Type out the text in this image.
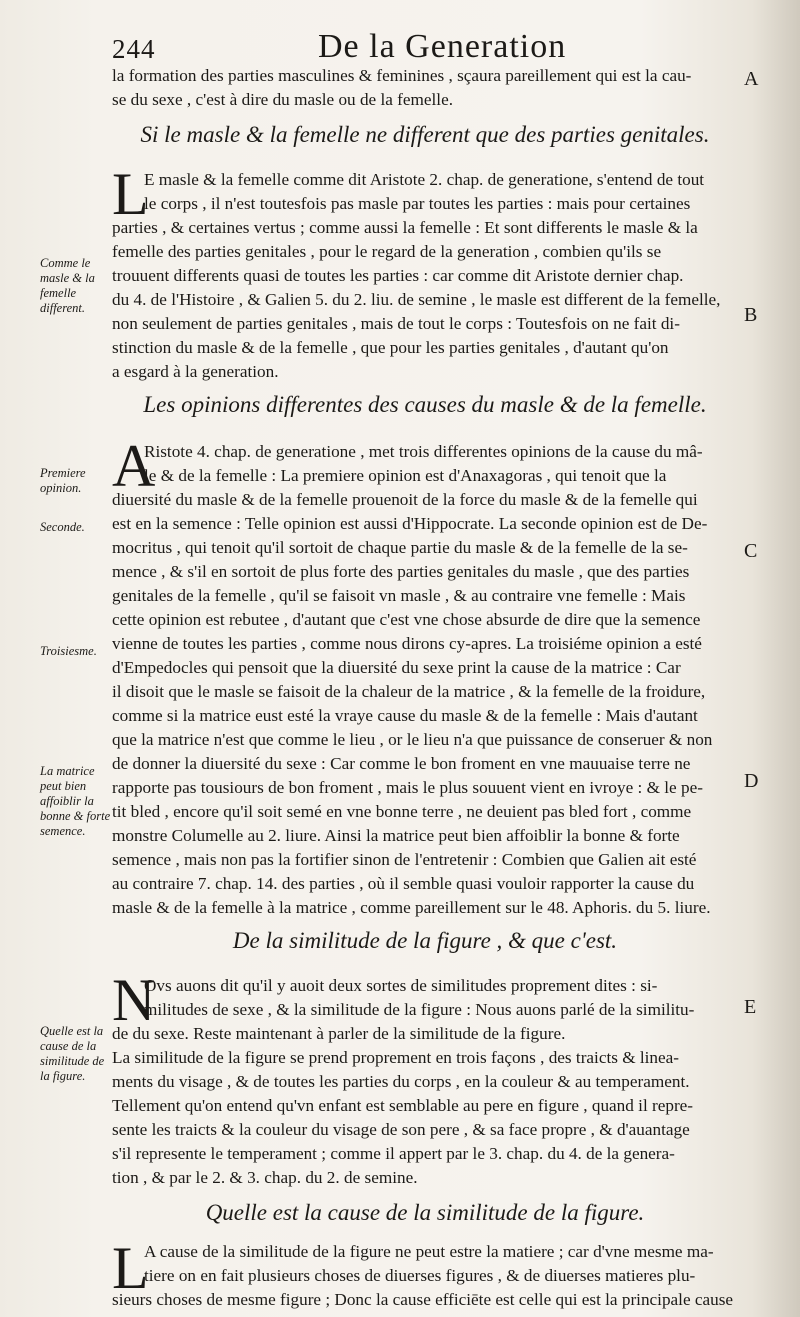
244	De la Generation
A
B
C
D
E
Comme le masle & la femelle different.
Premiere opinion.
Seconde.
Troisiesme.
La matrice peut bien affoiblir la bonne & forte semence.
Quelle est la cause de la similitude de la figure.
la formation des parties masculines & feminines , sçaura pareillement qui est la cau-
se du sexe , c'est à dire du masle ou de la femelle.
Si le masle & la femelle ne different que des parties genitales.
L
E masle & la femelle comme dit Aristote 2. chap. de generatione, s'entend de tout
le corps , il n'est toutesfois pas masle par toutes les parties : mais pour certaines
parties , & certaines vertus ; comme aussi la femelle : Et sont differents le masle & la
femelle des parties genitales , pour le regard de la generation , combien qu'ils se
trouuent differents quasi de toutes les parties : car comme dit Aristote dernier chap.
du 4. de l'Histoire , & Galien 5. du 2. liu. de semine , le masle est different de la femelle,
non seulement de parties genitales , mais de tout le corps : Toutesfois on ne fait di-
stinction du masle & de la femelle , que pour les parties genitales , d'autant qu'on
a esgard à la generation.
Les opinions differentes des causes du masle & de la femelle.
A
Ristote 4. chap. de generatione , met trois differentes opinions de la cause du mâ-
le & de la femelle : La premiere opinion est d'Anaxagoras , qui tenoit que la
diuersité du masle & de la femelle prouenoit de la force du masle & de la femelle qui
est en la semence : Telle opinion est aussi d'Hippocrate. La seconde opinion est de De-
mocritus , qui tenoit qu'il sortoit de chaque partie du masle & de la femelle de la se-
mence , & s'il en sortoit de plus forte des parties genitales du masle , que des parties
genitales de la femelle , qu'il se faisoit vn masle , & au contraire vne femelle : Mais
cette opinion est rebutee , d'autant que c'est vne chose absurde de dire que la semence
vienne de toutes les parties , comme nous dirons cy-apres. La troisiéme opinion a esté
d'Empedocles qui pensoit que la diuersité du sexe print la cause de la matrice : Car
il disoit que le masle se faisoit de la chaleur de la matrice , & la femelle de la froidure,
comme si la matrice eust esté la vraye cause du masle & de la femelle : Mais d'autant
que la matrice n'est que comme le lieu , or le lieu n'a que puissance de conseruer & non
de donner la diuersité du sexe : Car comme le bon froment en vne mauuaise terre ne
rapporte pas tousiours de bon froment , mais le plus souuent vient en ivroye : & le pe-
tit bled , encore qu'il soit semé en vne bonne terre , ne deuient pas bled fort , comme
monstre Columelle au 2. liure. Ainsi la matrice peut bien affoiblir la bonne & forte
semence , mais non pas la fortifier sinon de l'entretenir : Combien que Galien ait esté
au contraire 7. chap. 14. des parties , où il semble quasi vouloir rapporter la cause du
masle & de la femelle à la matrice , comme pareillement sur le 48. Aphoris. du 5. liure.
De la similitude de la figure , & que c'est.
N
Ovs auons dit qu'il y auoit deux sortes de similitudes proprement dites : si-
militudes de sexe , & la similitude de la figure : Nous auons parlé de la similitu-
de du sexe. Reste maintenant à parler de la similitude de la figure.
La similitude de la figure se prend proprement en trois façons , des traicts & linea-
ments du visage , & de toutes les parties du corps , en la couleur & au temperament.
Tellement qu'on entend qu'vn enfant est semblable au pere en figure , quand il repre-
sente les traicts & la couleur du visage de son pere , & sa face propre , & d'auantage
s'il represente le temperament ; comme il appert par le 3. chap. du 4. de la genera-
tion , & par le 2. & 3. chap. du 2. de semine.
Quelle est la cause de la similitude de la figure.
L
A cause de la similitude de la figure ne peut estre la matiere ; car d'vne mesme ma-
tiere on en fait plusieurs choses de diuerses figures , & de diuerses matieres plu-
sieurs choses de mesme figure ; Donc la cause efficiēte est celle qui est la principale cause
